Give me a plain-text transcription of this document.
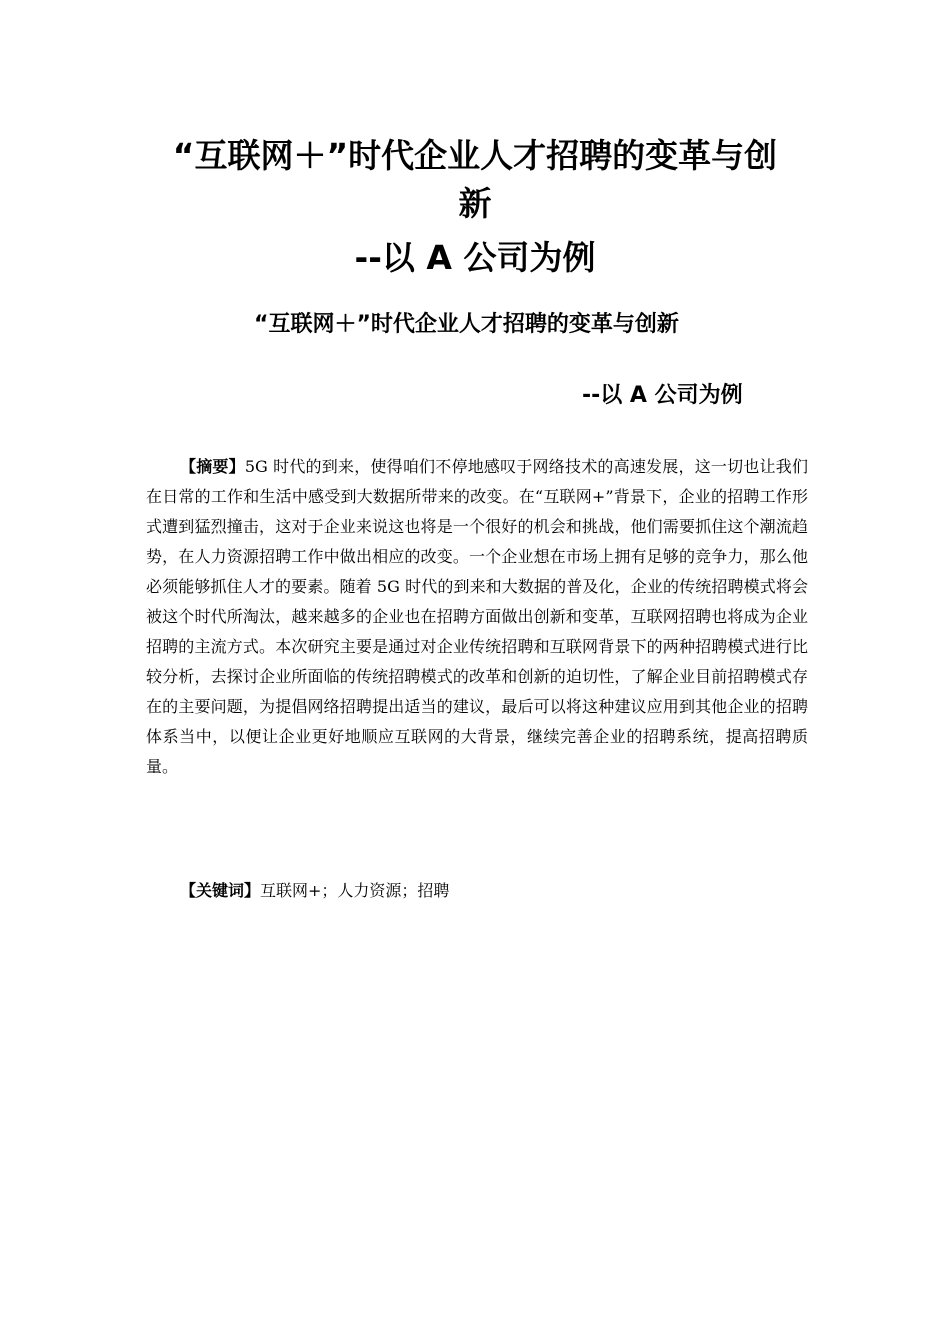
“互联网＋”时代企业人才招聘的变革与创
新
--以 A 公司为例
“互联网＋”时代企业人才招聘的变革与创新
--以 A 公司为例

【摘要】5G 时代的到来，使得咱们不停地感叹于网络技术的高速发展，这一切也让我们在日常的工作和生活中感受到大数据所带来的改变。在“互联网+”背景下，企业的招聘工作形式遭到猛烈撞击，这对于企业来说这也将是一个很好的机会和挑战，他们需要抓住这个潮流趋势，在人力资源招聘工作中做出相应的改变。一个企业想在市场上拥有足够的竞争力，那么他必须能够抓住人才的要素。随着 5G 时代的到来和大数据的普及化，企业的传统招聘模式将会被这个时代所淘汰，越来越多的企业也在招聘方面做出创新和变革，互联网招聘也将成为企业招聘的主流方式。本次研究主要是通过对企业传统招聘和互联网背景下的两种招聘模式进行比较分析，去探讨企业所面临的传统招聘模式的改革和创新的迫切性，了解企业目前招聘模式存在的主要问题，为提倡网络招聘提出适当的建议，最后可以将这种建议应用到其他企业的招聘体系当中，以便让企业更好地顺应互联网的大背景，继续完善企业的招聘系统，提高招聘质量。

【关键词】互联网+；人力资源；招聘
